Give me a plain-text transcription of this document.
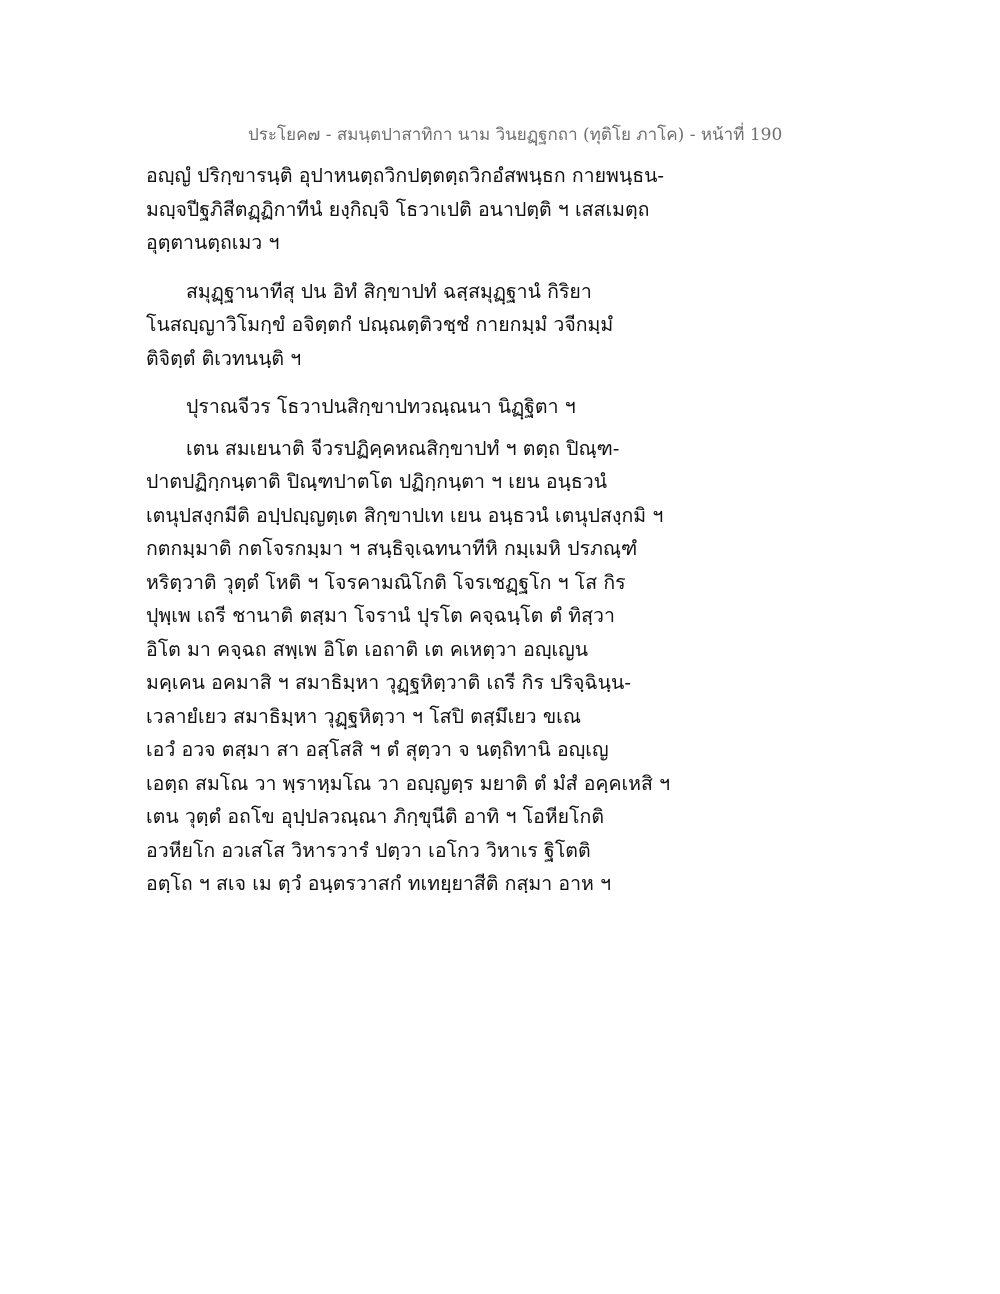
ประโยค๗ - สมนฺตปาสาทิกา นาม วินยฏฺฐกถา (ทุติโย ภาโค) - หน้าที่ 190
อญฺญํ ปริกฺขารนฺติ อุปาหนตฺถวิกปตฺตตฺถวิกอํสพนฺธก กายพนฺธน-
มญฺจปีฐภิสีตฏฺฏิกาทีนํ ยงฺกิญฺจิ โธวาเปติ อนาปตฺติ ฯ เสสเมตฺถ
อุตฺตานตฺถเมว ฯ
สมุฏฺฐานาทีสุ ปน อิทํ สิกฺขาปทํ ฉสฺสมุฏฺฐานํ กิริยา
โนสญฺญาวิโมกฺขํ อจิตฺตกํ ปณฺณตฺติวชฺชํ กายกมฺมํ วจีกมฺมํ
ติจิตฺตํ ติเวทนนฺติ ฯ
ปุราณจีวร โธวาปนสิกฺขาปทวณฺณนา นิฏฺฐิตา ฯ
เตน สมเยนาติ จีวรปฏิคฺคหณสิกฺขาปทํ ฯ ตตฺถ ปิณฺฑ-
ปาตปฏิกฺกนฺตาติ ปิณฺฑปาตโต ปฏิกฺกนฺตา ฯ เยน อนฺธวนํ
เตนุปสงฺกมีติ อปฺปญฺญตฺเต สิกฺขาปเท เยน อนฺธวนํ เตนุปสงฺกมิ ฯ
กตกมฺมาติ กตโจรกมฺมา ฯ สนฺธิจฺเฉทนาทีหิ กมฺเมหิ ปรภณฺฑํ
หริตฺวาติ วุตฺตํ โหติ ฯ โจรคามณิโกติ โจรเชฏฺฐโก ฯ โส กิร
ปุพฺเพ เถรี ชานาติ ตสฺมา โจรานํ ปุรโต คจฺฉนฺโต ตํ ทิสฺวา
อิโต มา คจฺฉถ สพฺเพ อิโต เอถาติ เต คเหตฺวา อญฺเญน
มคฺเคน อคมาสิ ฯ สมาธิมฺหา วุฏฺฐหิตฺวาติ เถรี กิร ปริจฺฉินฺน-
เวลายํเยว สมาธิมฺหา วุฏฺฐหิตฺวา ฯ โสปิ ตสฺมึเยว ขเณ
เอวํ อวจ ตสฺมา สา อสฺโสสิ ฯ ตํ สุตฺวา จ นตฺถิทานิ อญฺเญ
เอตฺถ สมโณ วา พฺราหฺมโณ วา อญฺญตฺร มยาติ ตํ มํสํ อคฺคเหสิ ฯ
เตน วุตฺตํ อถโข อุปฺปลวณฺณา ภิกฺขุนีติ อาทิ ฯ โอหียโกติ
อวหียโก อวเสโส วิหารวารํ ปตฺวา เอโกว วิหาเร ฐิโตติ
อตฺโถ ฯ สเจ เม ตฺวํ อนฺตรวาสกํ ทเทยฺยาสีติ กสฺมา อาห ฯ
